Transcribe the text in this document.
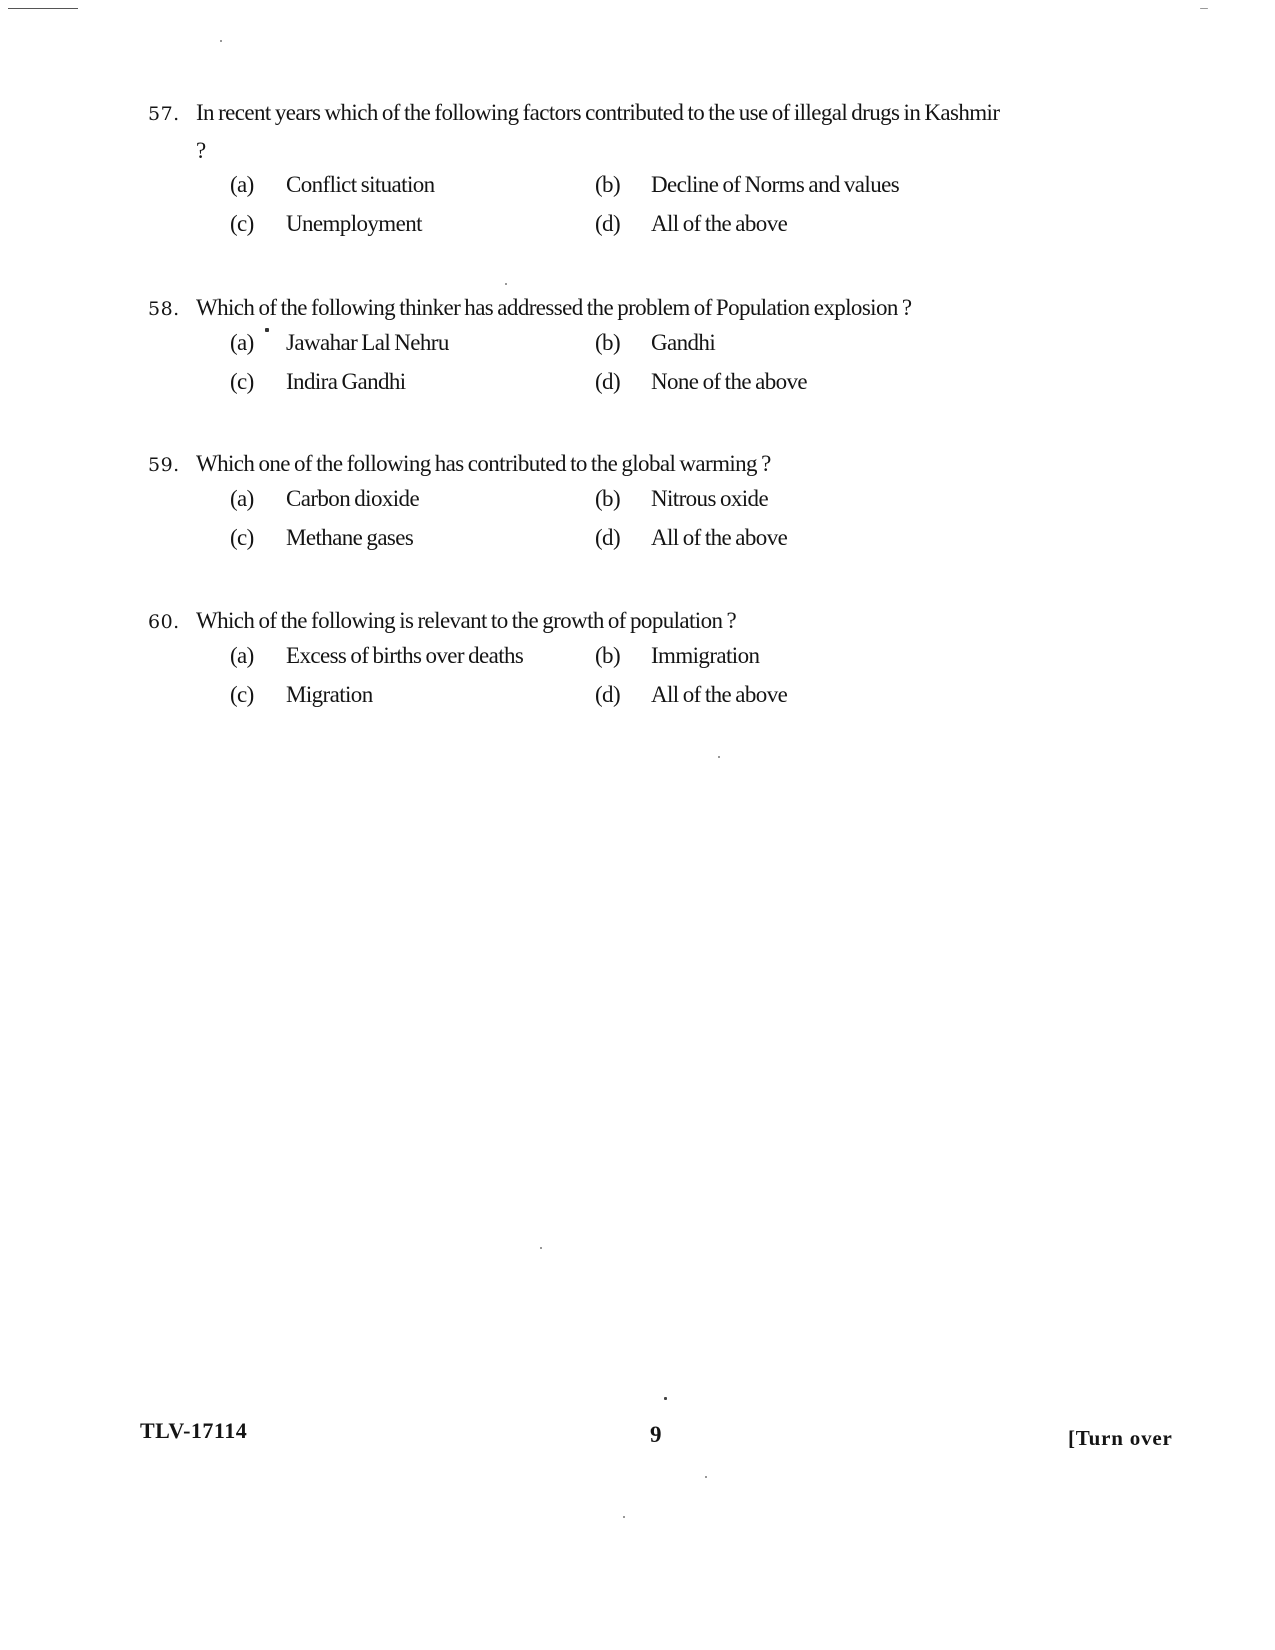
57. In recent years which of the following factors contributed to the use of illegal drugs in Kashmir ?
(a)	Conflict situation	(b)	Decline of Norms and values
(c)	Unemployment	(d)	All of the above
58. Which of the following thinker has addressed the problem of Population explosion ?
(a)	Jawahar Lal Nehru	(b)	Gandhi
(c)	Indira Gandhi	(d)	None of the above
59. Which one of the following has contributed to the global warming ?
(a)	Carbon dioxide	(b)	Nitrous oxide
(c)	Methane gases	(d)	All of the above
60. Which of the following is relevant to the growth of population ?
(a)	Excess of births over deaths	(b)	Immigration
(c)	Migration	(d)	All of the above
TLV-17114	9	[Turn over
